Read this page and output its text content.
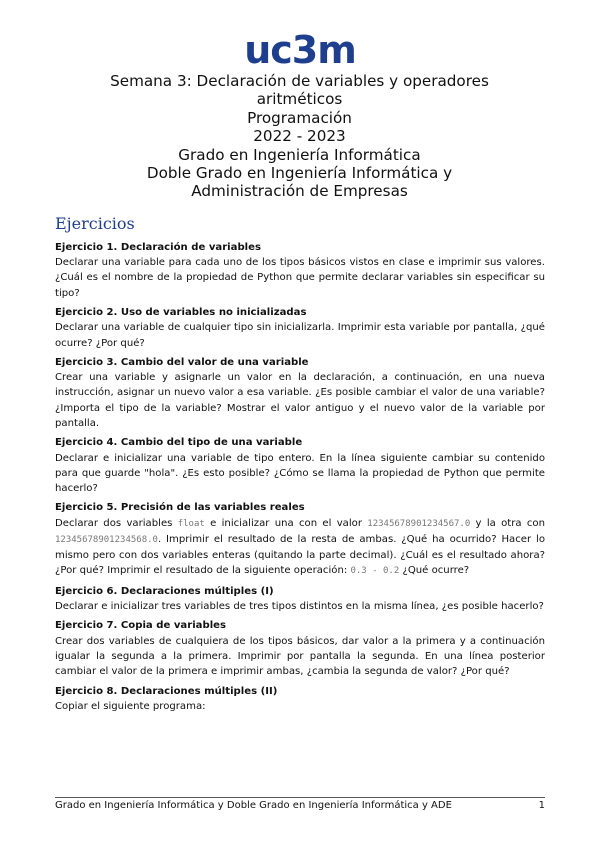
uc3m
Semana 3: Declaración de variables y operadores
aritméticos
Programación
2022 - 2023
Grado en Ingeniería Informática
Doble Grado en Ingeniería Informática y
Administración de Empresas
Ejercicios
Ejercicio 1. Declaración de variables
Declarar una variable para cada uno de los tipos básicos vistos en clase e imprimir sus valores. ¿Cuál es el nombre de la propiedad de Python que permite declarar variables sin especificar su tipo?
Ejercicio 2. Uso de variables no inicializadas
Declarar una variable de cualquier tipo sin inicializarla. Imprimir esta variable por pantalla, ¿qué ocurre? ¿Por qué?
Ejercicio 3. Cambio del valor de una variable
Crear una variable y asignarle un valor en la declaración, a continuación, en una nueva instrucción, asignar un nuevo valor a esa variable. ¿Es posible cambiar el valor de una variable? ¿Importa el tipo de la variable? Mostrar el valor antiguo y el nuevo valor de la variable por pantalla.
Ejercicio 4. Cambio del tipo de una variable
Declarar e inicializar una variable de tipo entero. En la línea siguiente cambiar su contenido para que guarde "hola". ¿Es esto posible? ¿Cómo se llama la propiedad de Python que permite hacerlo?
Ejercicio 5. Precisión de las variables reales
Declarar dos variables float e inicializar una con el valor 12345678901234567.0 y la otra con 12345678901234568.0. Imprimir el resultado de la resta de ambas. ¿Qué ha ocurrido? Hacer lo mismo pero con dos variables enteras (quitando la parte decimal). ¿Cuál es el resultado ahora? ¿Por qué? Imprimir el resultado de la siguiente operación: 0.3 - 0.2 ¿Qué ocurre?
Ejercicio 6. Declaraciones múltiples (I)
Declarar e inicializar tres variables de tres tipos distintos en la misma línea, ¿es posible hacerlo?
Ejercicio 7. Copia de variables
Crear dos variables de cualquiera de los tipos básicos, dar valor a la primera y a continuación igualar la segunda a la primera. Imprimir por pantalla la segunda. En una línea posterior cambiar el valor de la primera e imprimir ambas, ¿cambia la segunda de valor? ¿Por qué?
Ejercicio 8. Declaraciones múltiples (II)
Copiar el siguiente programa:
Grado en Ingeniería Informática y Doble Grado en Ingeniería Informática y ADE	1
